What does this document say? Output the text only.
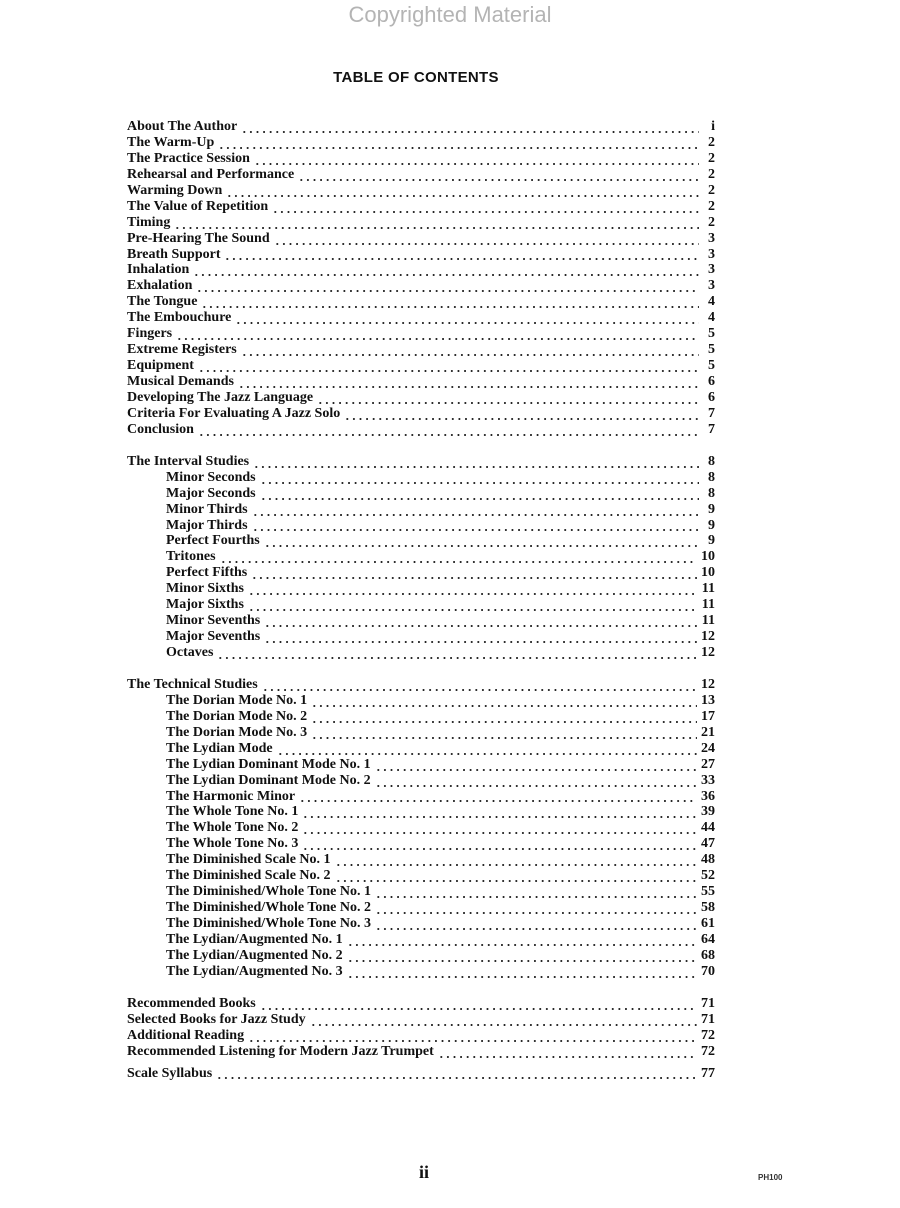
Copyrighted Material
TABLE OF CONTENTS
About The Author	i
The Warm-Up	2
The Practice Session	2
Rehearsal and Performance	2
Warming Down	2
The Value of Repetition	2
Timing	2
Pre-Hearing The Sound	3
Breath Support	3
Inhalation	3
Exhalation	3
The Tongue	4
The Embouchure	4
Fingers	5
Extreme Registers	5
Equipment	5
Musical Demands	6
Developing The Jazz Language	6
Criteria For Evaluating A Jazz Solo	7
Conclusion	7
The Interval Studies	8
Minor Seconds	8
Major Seconds	8
Minor Thirds	9
Major Thirds	9
Perfect Fourths	9
Tritones	10
Perfect Fifths	10
Minor Sixths	11
Major Sixths	11
Minor Sevenths	11
Major Sevenths	12
Octaves	12
The Technical Studies	12
The Dorian Mode No. 1	13
The Dorian Mode No. 2	17
The Dorian Mode No. 3	21
The Lydian Mode	24
The Lydian Dominant Mode No. 1	27
The Lydian Dominant Mode No. 2	33
The Harmonic Minor	36
The Whole Tone No. 1	39
The Whole Tone No. 2	44
The Whole Tone No. 3	47
The Diminished Scale No. 1	48
The Diminished Scale No. 2	52
The Diminished/Whole Tone No. 1	55
The Diminished/Whole Tone No. 2	58
The Diminished/Whole Tone No. 3	61
The Lydian/Augmented No. 1	64
The Lydian/Augmented No. 2	68
The Lydian/Augmented No. 3	70
Recommended Books	71
Selected Books for Jazz Study	71
Additional Reading	72
Recommended Listening for Modern Jazz Trumpet	72
Scale Syllabus	77
ii	PH100
